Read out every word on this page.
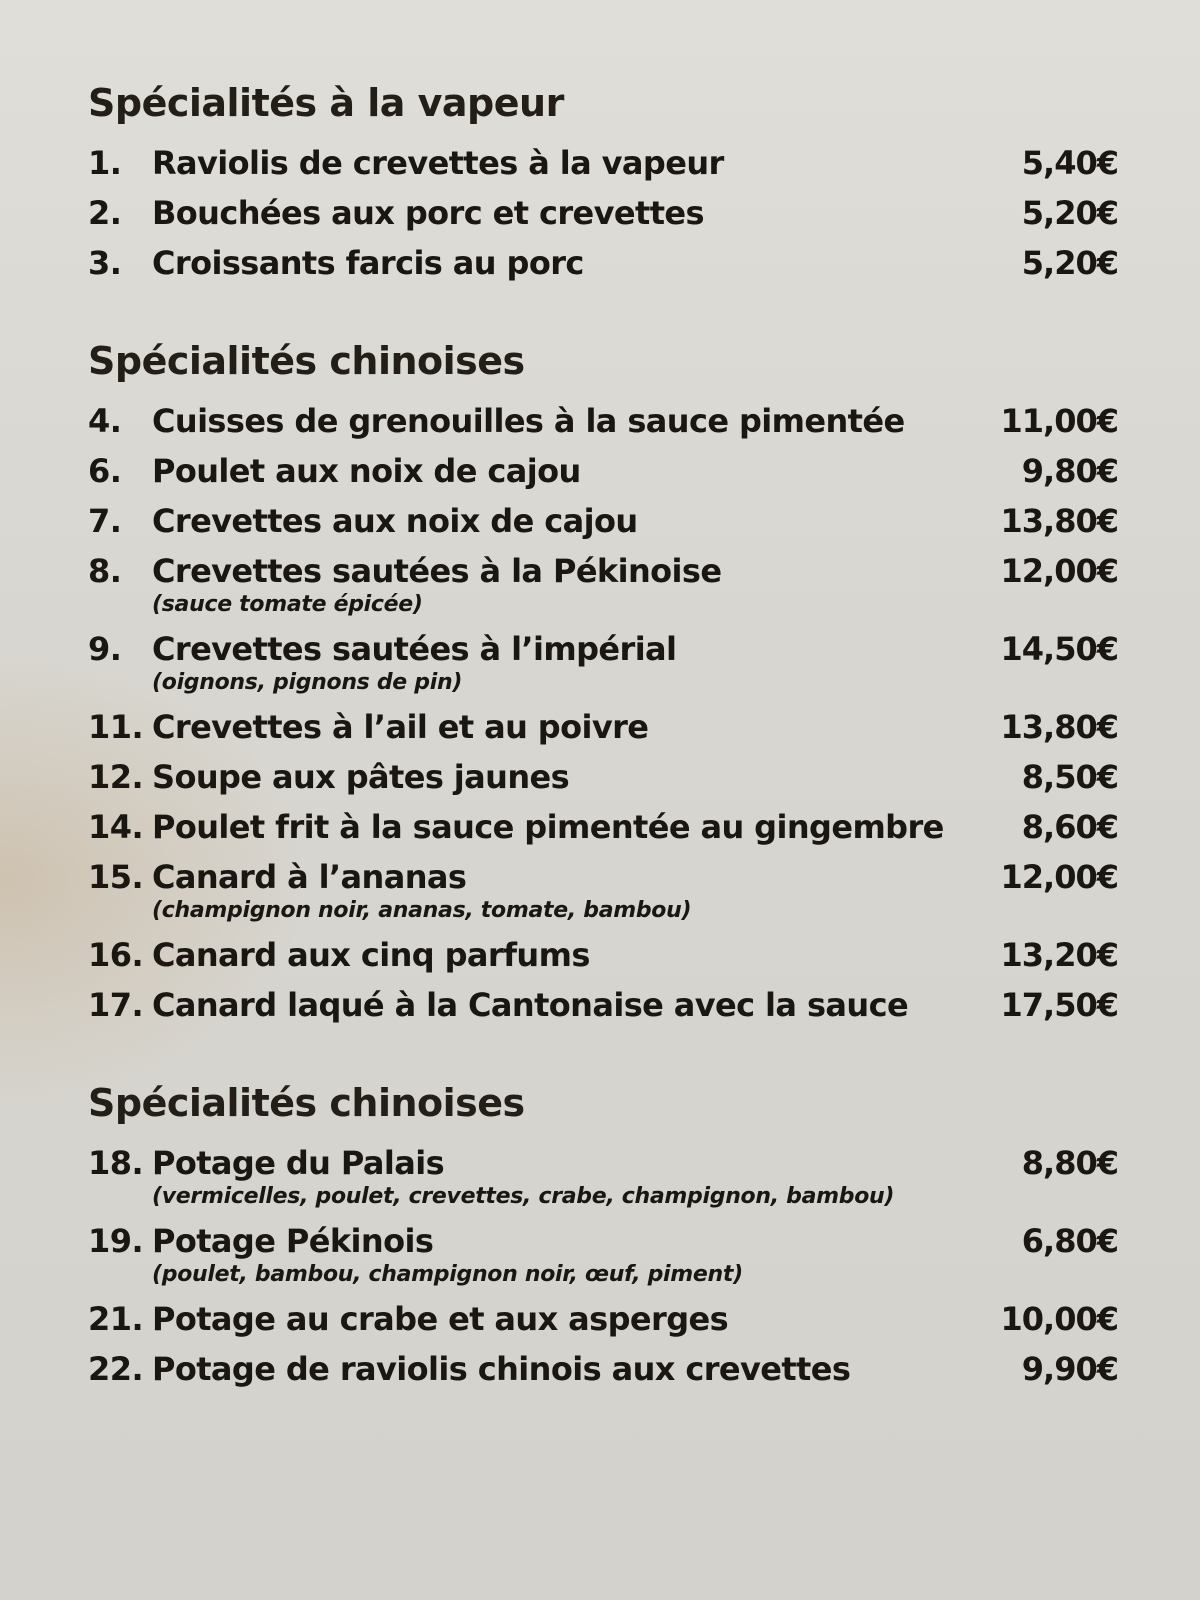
Spécialités à la vapeur
1. Raviolis de crevettes à la vapeur	5,40€
2. Bouchées aux porc et crevettes	5,20€
3. Croissants farcis au porc	5,20€
Spécialités chinoises
4. Cuisses de grenouilles à la sauce pimentée	11,00€
6. Poulet aux noix de cajou	9,80€
7. Crevettes aux noix de cajou	13,80€
8. Crevettes sautées à la Pékinoise	12,00€
(sauce tomate épicée)
9. Crevettes sautées à l’impérial	14,50€
(oignons, pignons de pin)
11. Crevettes à l’ail et au poivre	13,80€
12. Soupe aux pâtes jaunes	8,50€
14. Poulet frit à la sauce pimentée au gingembre 8,60€
15. Canard à l’ananas	12,00€
(champignon noir, ananas, tomate, bambou)
16. Canard aux cinq parfums	13,20€
17. Canard laqué à la Cantonaise avec la sauce	17,50€
Spécialités chinoises
18. Potage du Palais	8,80€
(vermicelles, poulet, crevettes, crabe, champignon, bambou)
19. Potage Pékinois	6,80€
(poulet, bambou, champignon noir, œuf, piment)
21. Potage au crabe et aux asperges	10,00€
22. Potage de raviolis chinois aux crevettes	9,90€
